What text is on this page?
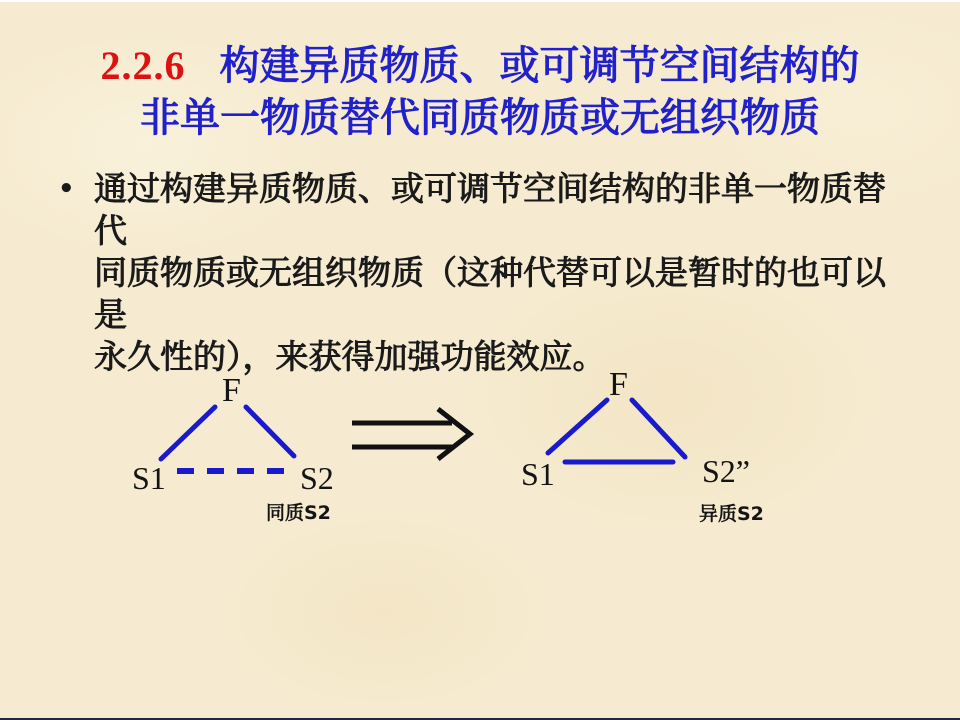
2.2.6 构建异质物质、或可调节空间结构的
非单一物质替代同质物质或无组织物质
• 通过构建异质物质、或可调节空间结构的非单一物质替代
同质物质或无组织物质（这种代替可以是暂时的也可以是
永久性的），来获得加强功能效应。
F
S1	S2
同质S2
F
S1	S2”
异质S2
